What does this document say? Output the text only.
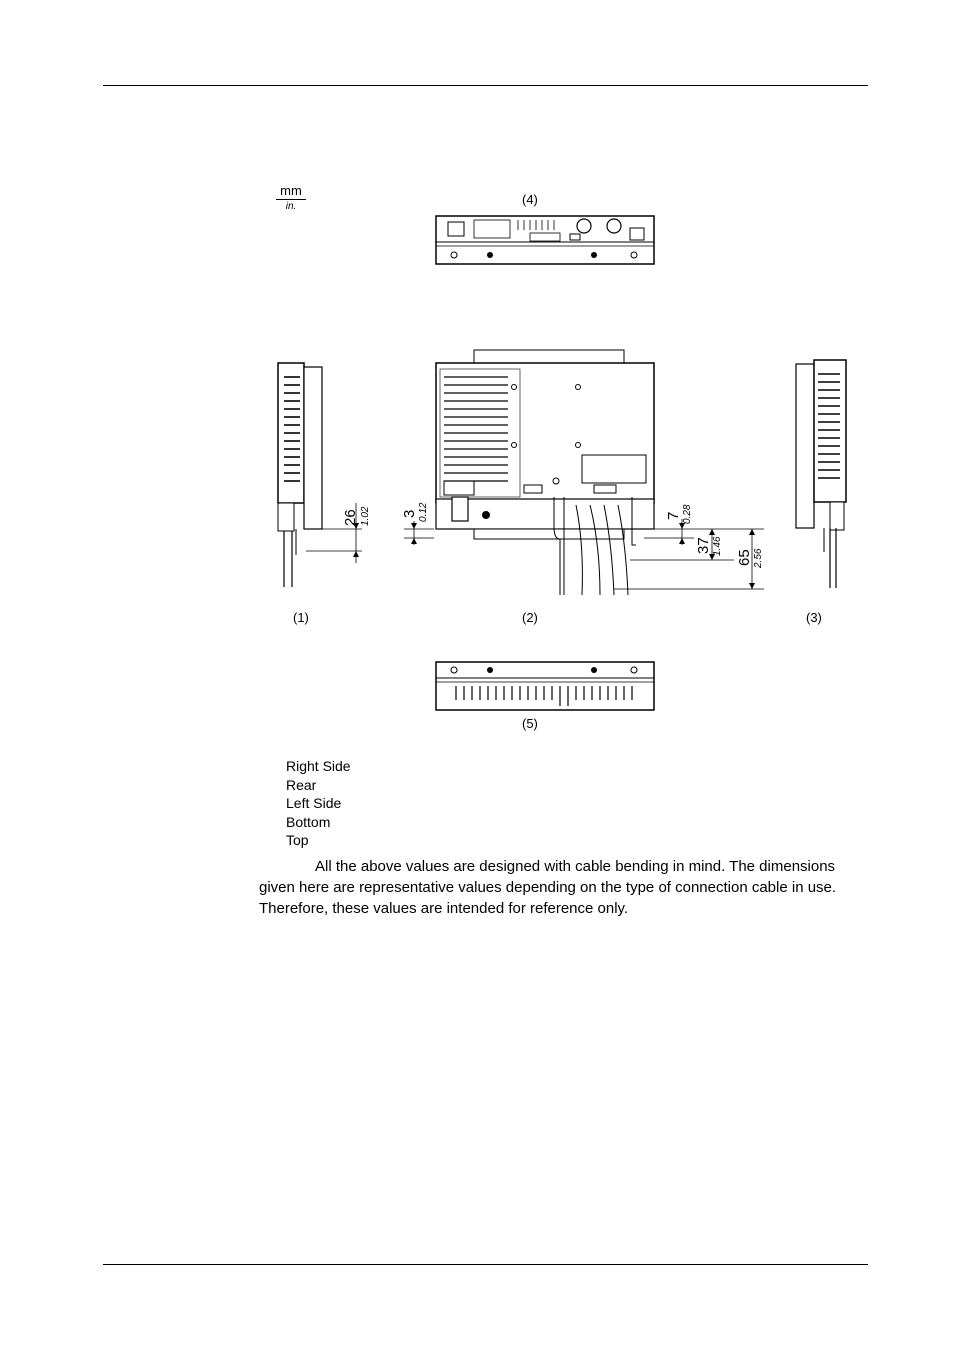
mm
in.	(4)
(1)
26 1.02
(2)
3 0.12	7 0.28
37 1.46
65 2.56
(3)
(5)
Right Side
Rear
Left Side
Bottom
Top

All the above values are designed with cable bending in mind. The dimensions given here are representative values depending on the type of connection cable in use. Therefore, these values are intended for reference only.
